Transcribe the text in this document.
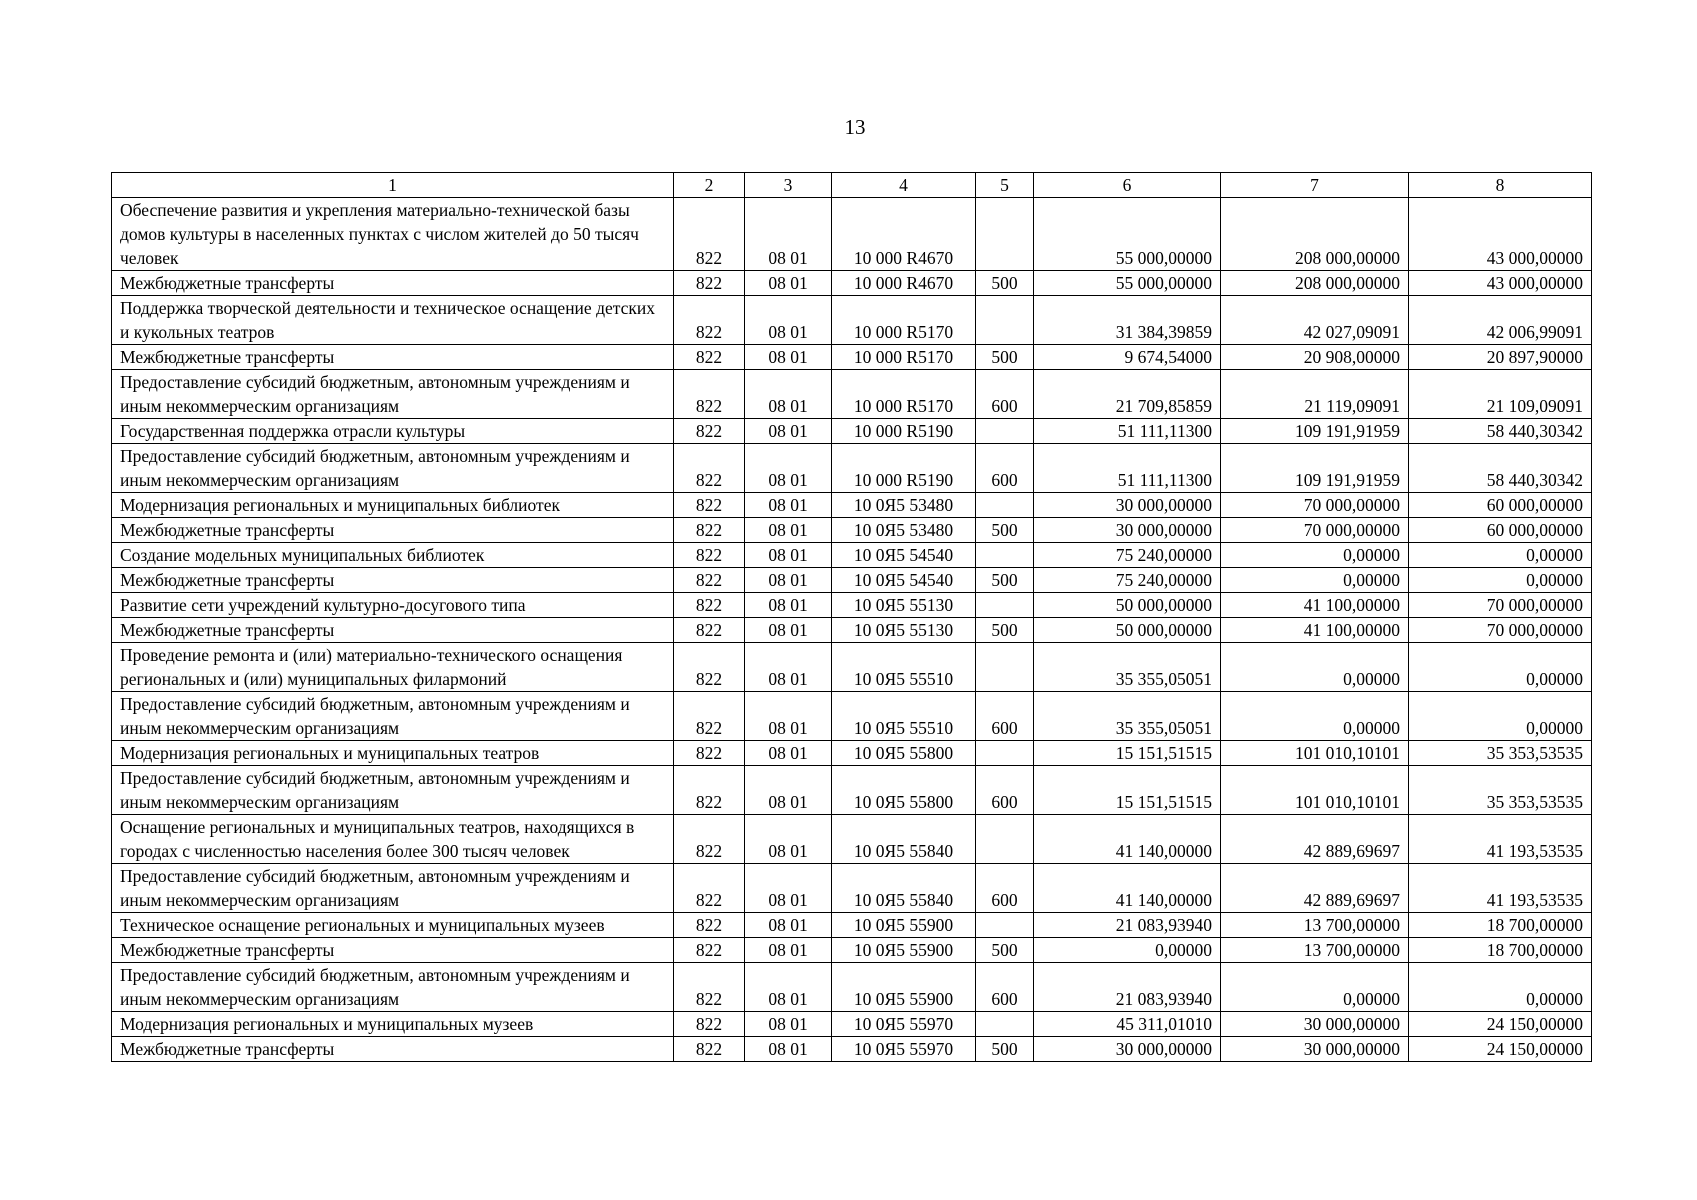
13
1	2	3	4	5	6	7	8
Обеспечение развития и укрепления материально-технической базы домов культуры в населенных пунктах с числом жителей до 50 тысяч человек	822	08 01	10 000 R4670		55 000,00000	208 000,00000	43 000,00000
Межбюджетные трансферты	822	08 01	10 000 R4670	500	55 000,00000	208 000,00000	43 000,00000
Поддержка творческой деятельности и техническое оснащение детских и кукольных театров	822	08 01	10 000 R5170		31 384,39859	42 027,09091	42 006,99091
Межбюджетные трансферты	822	08 01	10 000 R5170	500	9 674,54000	20 908,00000	20 897,90000
Предоставление субсидий бюджетным, автономным учреждениям и иным некоммерческим организациям	822	08 01	10 000 R5170	600	21 709,85859	21 119,09091	21 109,09091
Государственная поддержка отрасли культуры	822	08 01	10 000 R5190		51 111,11300	109 191,91959	58 440,30342
Предоставление субсидий бюджетным, автономным учреждениям и иным некоммерческим организациям	822	08 01	10 000 R5190	600	51 111,11300	109 191,91959	58 440,30342
Модернизация региональных и муниципальных библиотек	822	08 01	10 0Я5 53480		30 000,00000	70 000,00000	60 000,00000
Межбюджетные трансферты	822	08 01	10 0Я5 53480	500	30 000,00000	70 000,00000	60 000,00000
Создание модельных муниципальных библиотек	822	08 01	10 0Я5 54540		75 240,00000	0,00000	0,00000
Межбюджетные трансферты	822	08 01	10 0Я5 54540	500	75 240,00000	0,00000	0,00000
Развитие сети учреждений культурно-досугового типа	822	08 01	10 0Я5 55130		50 000,00000	41 100,00000	70 000,00000
Межбюджетные трансферты	822	08 01	10 0Я5 55130	500	50 000,00000	41 100,00000	70 000,00000
Проведение ремонта и (или) материально-технического оснащения региональных и (или) муниципальных филармоний	822	08 01	10 0Я5 55510		35 355,05051	0,00000	0,00000
Предоставление субсидий бюджетным, автономным учреждениям и иным некоммерческим организациям	822	08 01	10 0Я5 55510	600	35 355,05051	0,00000	0,00000
Модернизация региональных и муниципальных театров	822	08 01	10 0Я5 55800		15 151,51515	101 010,10101	35 353,53535
Предоставление субсидий бюджетным, автономным учреждениям и иным некоммерческим организациям	822	08 01	10 0Я5 55800	600	15 151,51515	101 010,10101	35 353,53535
Оснащение региональных и муниципальных театров, находящихся в городах с численностью населения более 300 тысяч человек	822	08 01	10 0Я5 55840		41 140,00000	42 889,69697	41 193,53535
Предоставление субсидий бюджетным, автономным учреждениям и иным некоммерческим организациям	822	08 01	10 0Я5 55840	600	41 140,00000	42 889,69697	41 193,53535
Техническое оснащение региональных и муниципальных музеев	822	08 01	10 0Я5 55900		21 083,93940	13 700,00000	18 700,00000
Межбюджетные трансферты	822	08 01	10 0Я5 55900	500	0,00000	13 700,00000	18 700,00000
Предоставление субсидий бюджетным, автономным учреждениям и иным некоммерческим организациям	822	08 01	10 0Я5 55900	600	21 083,93940	0,00000	0,00000
Модернизация региональных и муниципальных музеев	822	08 01	10 0Я5 55970		45 311,01010	30 000,00000	24 150,00000
Межбюджетные трансферты	822	08 01	10 0Я5 55970	500	30 000,00000	30 000,00000	24 150,00000
